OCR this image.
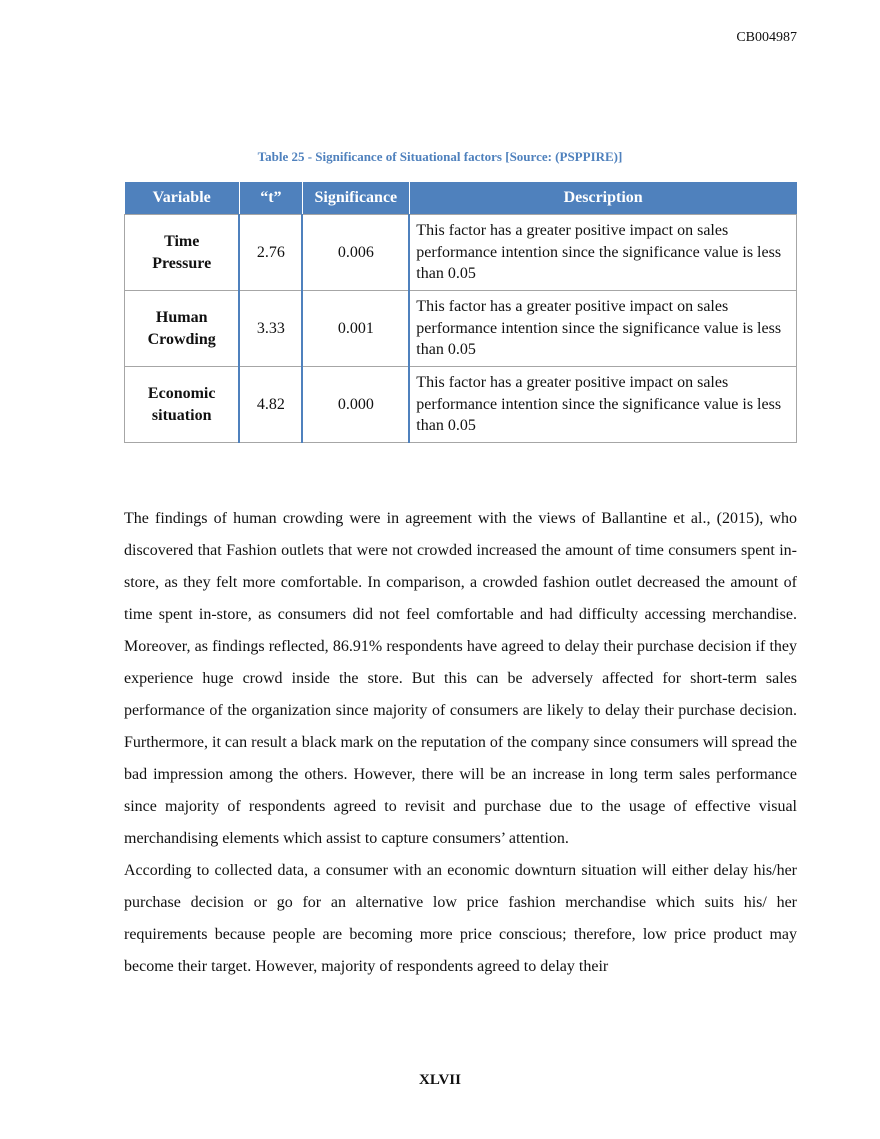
CB004987
Table 25 - Significance of Situational factors [Source: (PSPPIRE)]
Variable	“t”	Significance	Description
Time
Pressure	2.76	0.006	This factor has a greater positive impact on sales performance intention since the significance value is less than 0.05
Human
Crowding	3.33	0.001	This factor has a greater positive impact on sales performance intention since the significance value is less than 0.05
Economic
situation	4.82	0.000	This factor has a greater positive impact on sales performance intention since the significance value is less than 0.05

The findings of human crowding were in agreement with the views of Ballantine et al., (2015), who discovered that Fashion outlets that were not crowded increased the amount of time consumers spent in-store, as they felt more comfortable. In comparison, a crowded fashion outlet decreased the amount of time spent in-store, as consumers did not feel comfortable and had difficulty accessing merchandise. Moreover, as findings reflected, 86.91% respondents have agreed to delay their purchase decision if they experience huge crowd inside the store. But this can be adversely affected for short-term sales performance of the organization since majority of consumers are likely to delay their purchase decision. Furthermore, it can result a black mark on the reputation of the company since consumers will spread the bad impression among the others. However, there will be an increase in long term sales performance since majority of respondents agreed to revisit and purchase due to the usage of effective visual merchandising elements which assist to capture consumers’ attention.

According to collected data, a consumer with an economic downturn situation will either delay his/her purchase decision or go for an alternative low price fashion merchandise which suits his/ her requirements because people are becoming more price conscious; therefore, low price product may become their target. However, majority of respondents agreed to delay their

XLVII
